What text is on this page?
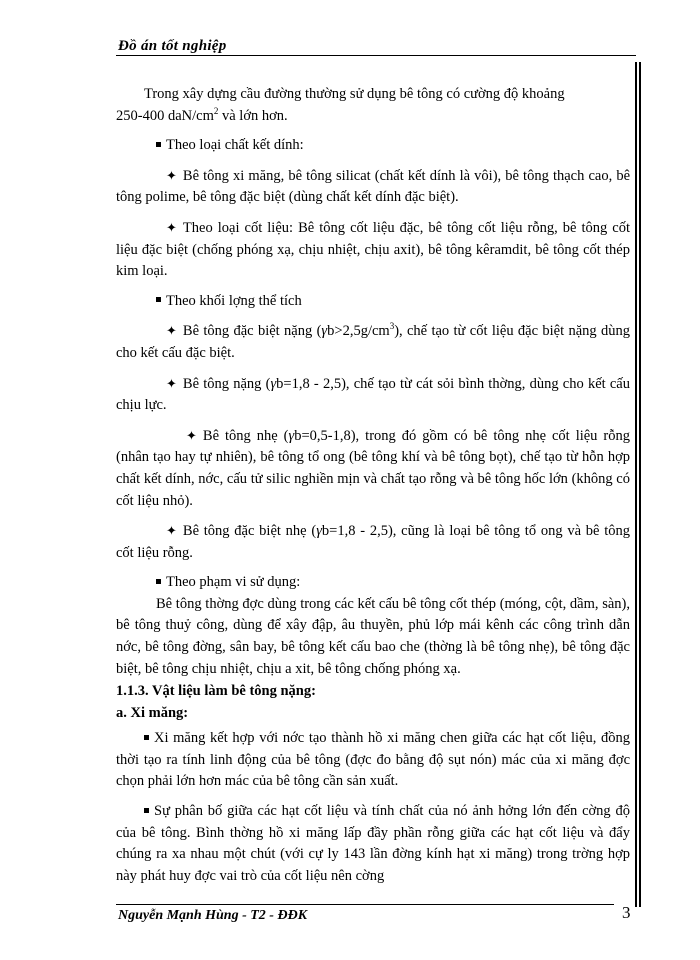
Đồ án tốt nghiệp

Trong xây dựng cầu đường thường sử dụng bê tông có cường độ khoảng

250-400 daN/$cm^2$ và lớn hơn.

Theo loại chất kết dính:

✦ Bê tông xi măng, bê tông silicat (chất kết dính là vôi), bê tông thạch cao, bê tông polime, bê tông đặc biệt (dùng chất kết dính đặc biệt).

✦ Theo loại cốt liệu: Bê tông cốt liệu đặc, bê tông cốt liệu rỗng, bê tông cốt liệu đặc biệt (chống phóng xạ, chịu nhiệt, chịu axit), bê tông kêramdit, bê tông cốt thép kim loại.

Theo khối lợng thể tích

✦ Bê tông đặc biệt nặng $(\gamma b>2,5g/cm^3)$, chế tạo từ cốt liệu đặc biệt nặng dùng cho kết cấu đặc biệt.

✦ Bê tông nặng (γb=1,8 - 2,5), chế tạo từ cát sỏi bình thờng, dùng cho kết cấu chịu lực.

✦ Bê tông nhẹ (γb=0,5-1,8), trong đó gồm có bê tông nhẹ cốt liệu rỗng (nhân tạo hay tự nhiên), bê tông tổ ong (bê tông khí và bê tông bọt), chế tạo từ hỗn hợp chất kết dính, nớc, cấu tử silic nghiền mịn và chất tạo rỗng và bê tông hốc lớn (không có cốt liệu nhỏ).

✦ Bê tông đặc biệt nhẹ (γb=1,8 - 2,5), cũng là loại bê tông tổ ong và bê tông cốt liệu rỗng.

Theo phạm vi sử dụng:

Bê tông thờng đợc dùng trong các kết cấu bê tông cốt thép (móng, cột, dầm, sàn), bê tông thuỷ công, dùng để xây đập, âu thuyền, phủ lớp mái kênh các công trình dẫn nớc, bê tông đờng, sân bay, bê tông kết cấu bao che (thờng là bê tông nhẹ), bê tông đặc biệt, bê tông chịu nhiệt, chịu a xit, bê tông chống phóng xạ.

1.1.3. Vật liệu làm bê tông nặng:

a. Xi măng:

Xi măng kết hợp với nớc tạo thành hồ xi măng chen giữa các hạt cốt liệu, đồng thời tạo ra tính linh động của bê tông (đợc đo bằng độ sụt nón) mác của xi măng đợc chọn phải lớn hơn mác của bê tông cần sản xuất.

Sự phân bố giữa các hạt cốt liệu và tính chất của nó ảnh hởng lớn đến cờng độ của bê tông. Bình thờng hồ xi măng lấp đầy phần rỗng giữa các hạt cốt liệu và đẩy chúng ra xa nhau một chút (với cự ly 143 lần đờng kính hạt xi măng) trong trờng hợp này phát huy đợc vai trò của cốt liệu nên cờng

Nguyễn Mạnh Hùng - T2 - ĐĐK	3
